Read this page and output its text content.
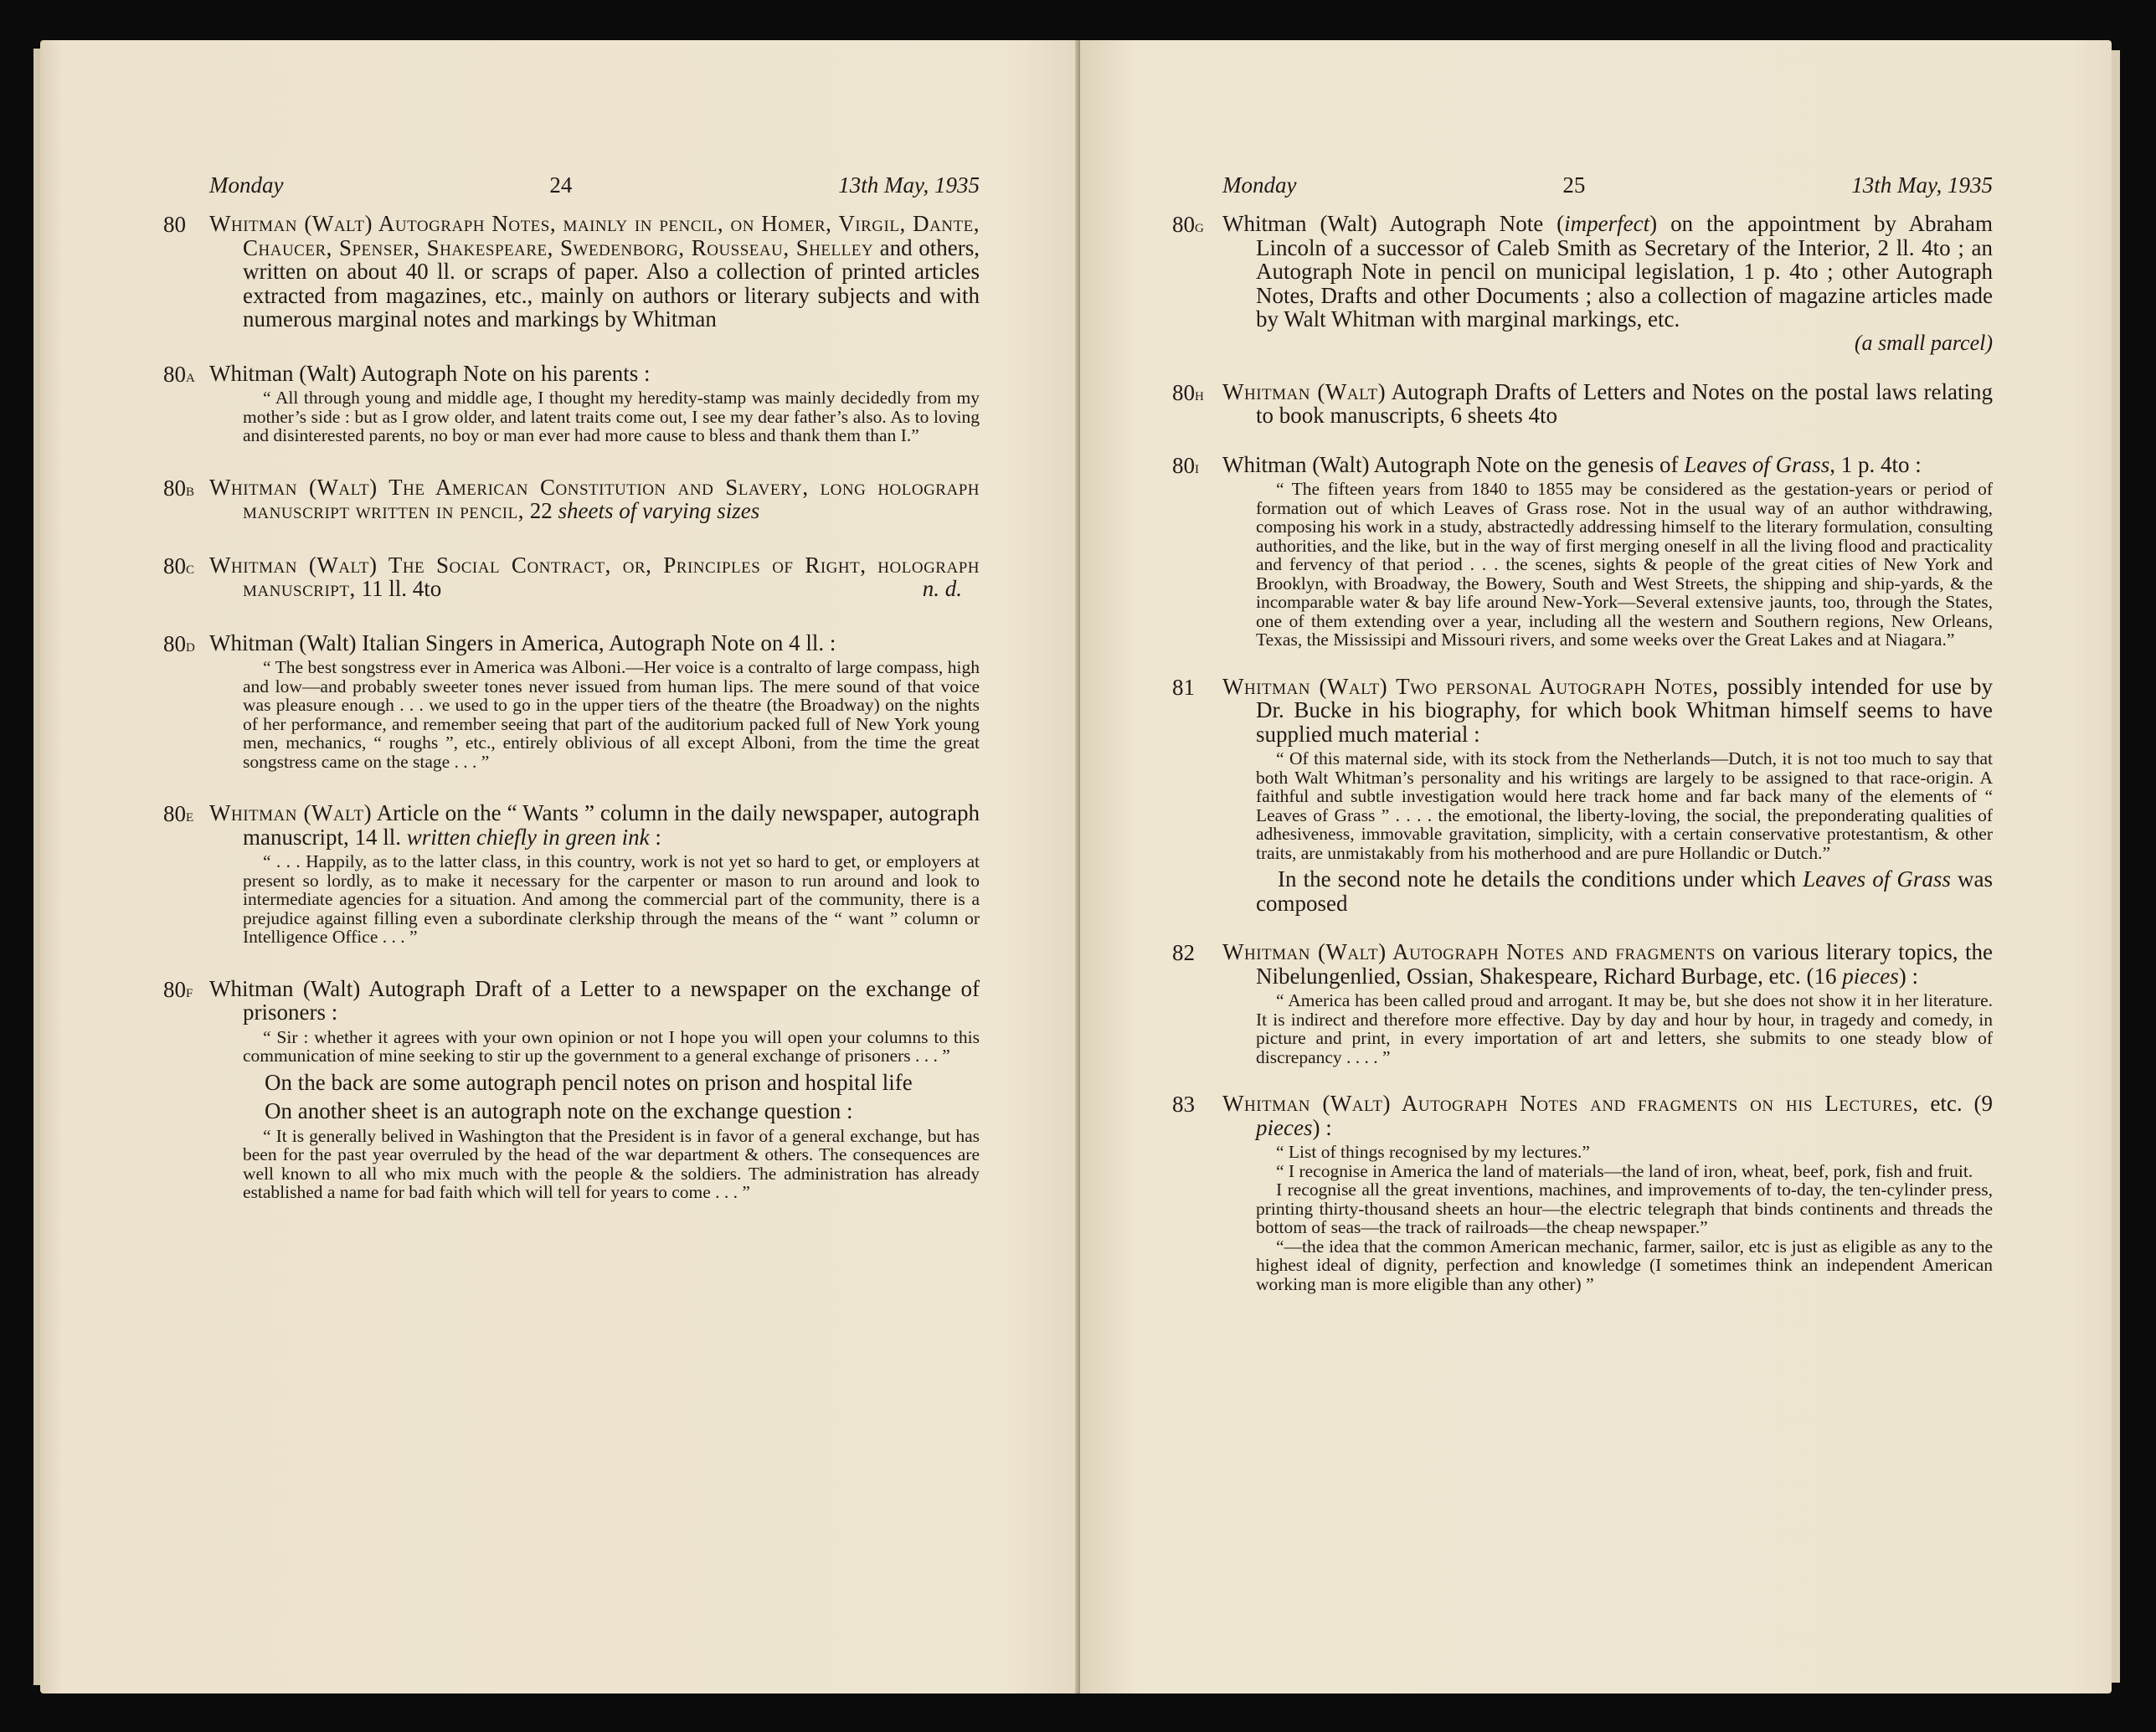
Monday	24	13th May, 1935
80 Whitman (Walt) Autograph Notes, mainly in pencil, on Homer, Virgil, Dante, Chaucer, Spenser, Shakespeare, Swedenborg, Rousseau, Shelley and others, written on about 40 ll. or scraps of paper. Also a collection of printed articles extracted from magazines, etc., mainly on authors or literary subjects and with numerous marginal notes and markings by Whitman
80a Whitman (Walt) Autograph Note on his parents :

“ All through young and middle age, I thought my heredity-stamp was mainly decidedly from my mother’s side : but as I grow older, and latent traits come out, I see my dear father’s also. As to loving and disinterested parents, no boy or man ever had more cause to bless and thank them than I.”

80b Whitman (Walt) The American Constitution and Slavery, long holograph manuscript written in pencil, 22 sheets of varying sizes
80c Whitman (Walt) The Social Contract, or, Principles of Right, holograph manuscript, 11 ll. 4to	n. d.
80d Whitman (Walt) Italian Singers in America, Autograph Note on 4 ll. :

“ The best songstress ever in America was Alboni.—Her voice is a contralto of large compass, high and low—and probably sweeter tones never issued from human lips. The mere sound of that voice was pleasure enough . . . we used to go in the upper tiers of the theatre (the Broadway) on the nights of her performance, and remember seeing that part of the auditorium packed full of New York young men, mechanics, “ roughs ”, etc., entirely oblivious of all except Alboni, from the time the great songstress came on the stage . . . ”

80e Whitman (Walt) Article on the “ Wants ” column in the daily newspaper, autograph manuscript, 14 ll. written chiefly in green ink :

“ . . . Happily, as to the latter class, in this country, work is not yet so hard to get, or employers at present so lordly, as to make it necessary for the carpenter or mason to run around and look to intermediate agencies for a situation. And among the commercial part of the community, there is a prejudice against filling even a subordinate clerkship through the means of the “ want ” column or Intelligence Office . . . ”

80f Whitman (Walt) Autograph Draft of a Letter to a newspaper on the exchange of prisoners :

“ Sir : whether it agrees with your own opinion or not I hope you will open your columns to this communication of mine seeking to stir up the government to a general exchange of prisoners . . . ”

On the back are some autograph pencil notes on prison and hospital life

On another sheet is an autograph note on the exchange question :

“ It is generally belived in Washington that the President is in favor of a general exchange, but has been for the past year overruled by the head of the war department & others. The consequences are well known to all who mix much with the people & the soldiers. The administration has already established a name for bad faith which will tell for years to come . . . ”

Monday	25	13th May, 1935
80g Whitman (Walt) Autograph Note (imperfect) on the appointment by Abraham Lincoln of a successor of Caleb Smith as Secretary of the Interior, 2 ll. 4to ; an Autograph Note in pencil on municipal legislation, 1 p. 4to ; other Autograph Notes, Drafts and other Documents ; also a collection of magazine articles made by Walt Whitman with marginal markings, etc.
(a small parcel)
80h Whitman (Walt) Autograph Drafts of Letters and Notes on the postal laws relating to book manuscripts, 6 sheets 4to
80i Whitman (Walt) Autograph Note on the genesis of Leaves of Grass, 1 p. 4to :

“ The fifteen years from 1840 to 1855 may be considered as the gestation-years or period of formation out of which Leaves of Grass rose. Not in the usual way of an author withdrawing, composing his work in a study, abstractedly addressing himself to the literary formulation, consulting authorities, and the like, but in the way of first merging oneself in all the living flood and practicality and fervency of that period . . . the scenes, sights & people of the great cities of New York and Brooklyn, with Broadway, the Bowery, South and West Streets, the shipping and ship-yards, & the incomparable water & bay life around New-York—Several extensive jaunts, too, through the States, one of them extending over a year, including all the western and Southern regions, New Orleans, Texas, the Mississipi and Missouri rivers, and some weeks over the Great Lakes and at Niagara.”

81 Whitman (Walt) Two personal Autograph Notes, possibly intended for use by Dr. Bucke in his biography, for which book Whitman himself seems to have supplied much material :

“ Of this maternal side, with its stock from the Netherlands—Dutch, it is not too much to say that both Walt Whitman’s personality and his writings are largely to be assigned to that race-origin. A faithful and subtle investigation would here track home and far back many of the elements of “ Leaves of Grass ” . . . . the emotional, the liberty-loving, the social, the preponderating qualities of adhesiveness, immovable gravitation, simplicity, with a certain conservative protestantism, & other traits, are unmistakably from his motherhood and are pure Hollandic or Dutch.”

In the second note he details the conditions under which Leaves of Grass was composed

82 Whitman (Walt) Autograph Notes and fragments on various literary topics, the Nibelungenlied, Ossian, Shakespeare, Richard Burbage, etc. (16 pieces) :

“ America has been called proud and arrogant. It may be, but she does not show it in her literature. It is indirect and therefore more effective. Day by day and hour by hour, in tragedy and comedy, in picture and print, in every importation of art and letters, she submits to one steady blow of discrepancy . . . . ”

83 Whitman (Walt) Autograph Notes and fragments on his Lectures, etc. (9 pieces) :

“ List of things recognised by my lectures.”

“ I recognise in America the land of materials—the land of iron, wheat, beef, pork, fish and fruit.

I recognise all the great inventions, machines, and improvements of to-day, the ten-cylinder press, printing thirty-thousand sheets an hour—the electric telegraph that binds continents and threads the bottom of seas—the track of railroads—the cheap newspaper.”

“—the idea that the common American mechanic, farmer, sailor, etc is just as eligible as any to the highest ideal of dignity, perfection and knowledge (I sometimes think an independent American working man is more eligible than any other) ”
